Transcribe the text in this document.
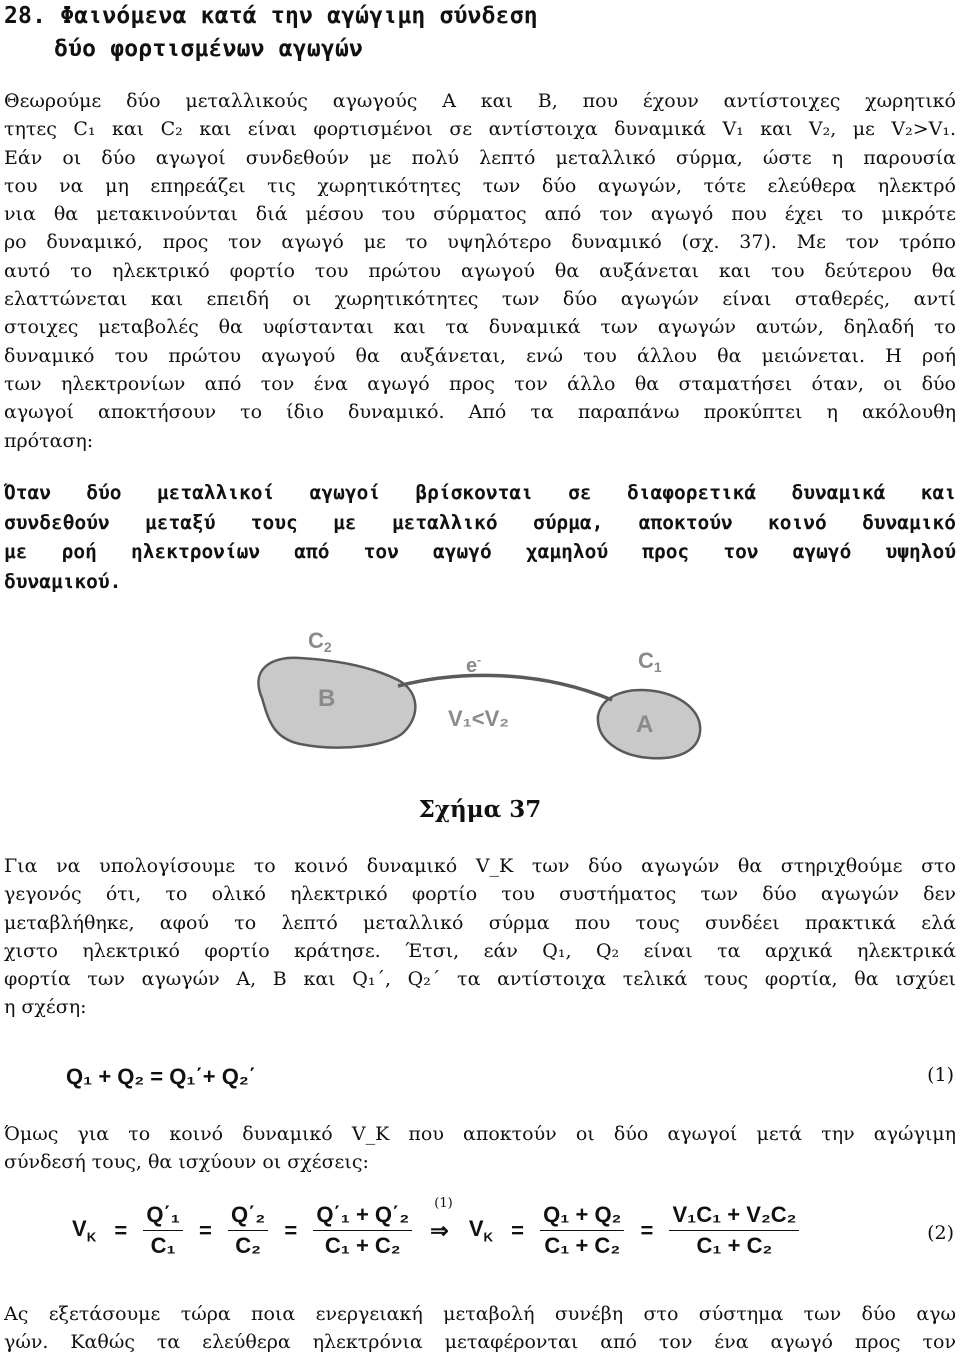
28. Φαινόμενα κατά την αγώγιμη σύνδεση
δύο φορτισμένων αγωγών
Θεωρούμε δύο μεταλλικούς αγωγούς Α και Β, που έχουν αντίστοιχες χωρητικό
τητες C₁ και C₂ και είναι φορτισμένοι σε αντίστοιχα δυναμικά V₁ και V₂, με V₂>V₁.
Εάν οι δύο αγωγοί συνδεθούν με πολύ λεπτό μεταλλικό σύρμα, ώστε η παρουσία
του να μη επηρεάζει τις χωρητικότητες των δύο αγωγών, τότε ελεύθερα ηλεκτρό
νια θα μετακινούνται διά μέσου του σύρματος από τον αγωγό που έχει το μικρότε
ρο δυναμικό, προς τον αγωγό με το υψηλότερο δυναμικό (σχ. 37). Με τον τρόπο
αυτό το ηλεκτρικό φορτίο του πρώτου αγωγού θα αυξάνεται και του δεύτερου θα
ελαττώνεται και επειδή οι χωρητικότητες των δύο αγωγών είναι σταθερές, αντί
στοιχες μεταβολές θα υφίστανται και τα δυναμικά των αγωγών αυτών, δηλαδή το
δυναμικό του πρώτου αγωγού θα αυξάνεται, ενώ του άλλου θα μειώνεται. Η ροή
των ηλεκτρονίων από τον ένα αγωγό προς τον άλλο θα σταματήσει όταν, οι δύο
αγωγοί αποκτήσουν το ίδιο δυναμικό. Από τα παραπάνω προκύπτει η ακόλουθη
πρόταση:
Όταν δύο μεταλλικοί αγωγοί βρίσκονται σε διαφορετικά δυναμικά και
συνδεθούν μεταξύ τους με μεταλλικό σύρμα, αποκτούν κοινό δυναμικό
με ροή ηλεκτρονίων από τον αγωγό χαμηλού προς τον αγωγό υψηλού
δυναμικού.
C2
C1
e-
B
A
V₁<V₂
Σχήμα 37
Για να υπολογίσουμε το κοινό δυναμικό V_K των δύο αγωγών θα στηριχθούμε στο
γεγονός ότι, το ολικό ηλεκτρικό φορτίο του συστήματος των δύο αγωγών δεν
μεταβλήθηκε, αφού το λεπτό μεταλλικό σύρμα που τους συνδέει πρακτικά ελά
χιστο ηλεκτρικό φορτίο κράτησε. Έτσι, εάν Q₁, Q₂ είναι τα αρχικά ηλεκτρικά
φορτία των αγωγών Α, Β και Q₁΄, Q₂΄ τα αντίστοιχα τελικά τους φορτία, θα ισχύει
η σχέση:
Q₁ + Q₂ = Q₁΄+ Q₂΄	(1)
Όμως για το κοινό δυναμικό V_K που αποκτούν οι δύο αγωγοί μετά την αγώγιμη
σύνδεσή τους, θα ισχύουν οι σχέσεις:
$V_K = \frac{\text{Q΄₁}}{\text{C₁}} = \frac{\text{Q΄₂}}{\text{C₂}} = \frac{\text{Q΄₁ + Q΄₂}}{\text{C₁ + C₂}}$
(1)
⇒ $V_K = \frac{\text{Q₁ + Q₂}}{\text{C₁ + C₂}} = \frac{\text{V₁C₁ + V₂C₂}}{\text{C₁ + C₂}}$	(2)
Ας εξετάσουμε τώρα ποια ενεργειακή μεταβολή συνέβη στο σύστημα των δύο αγω
γών. Καθώς τα ελεύθερα ηλεκτρόνια μεταφέρονται από τον ένα αγωγό προς τον
